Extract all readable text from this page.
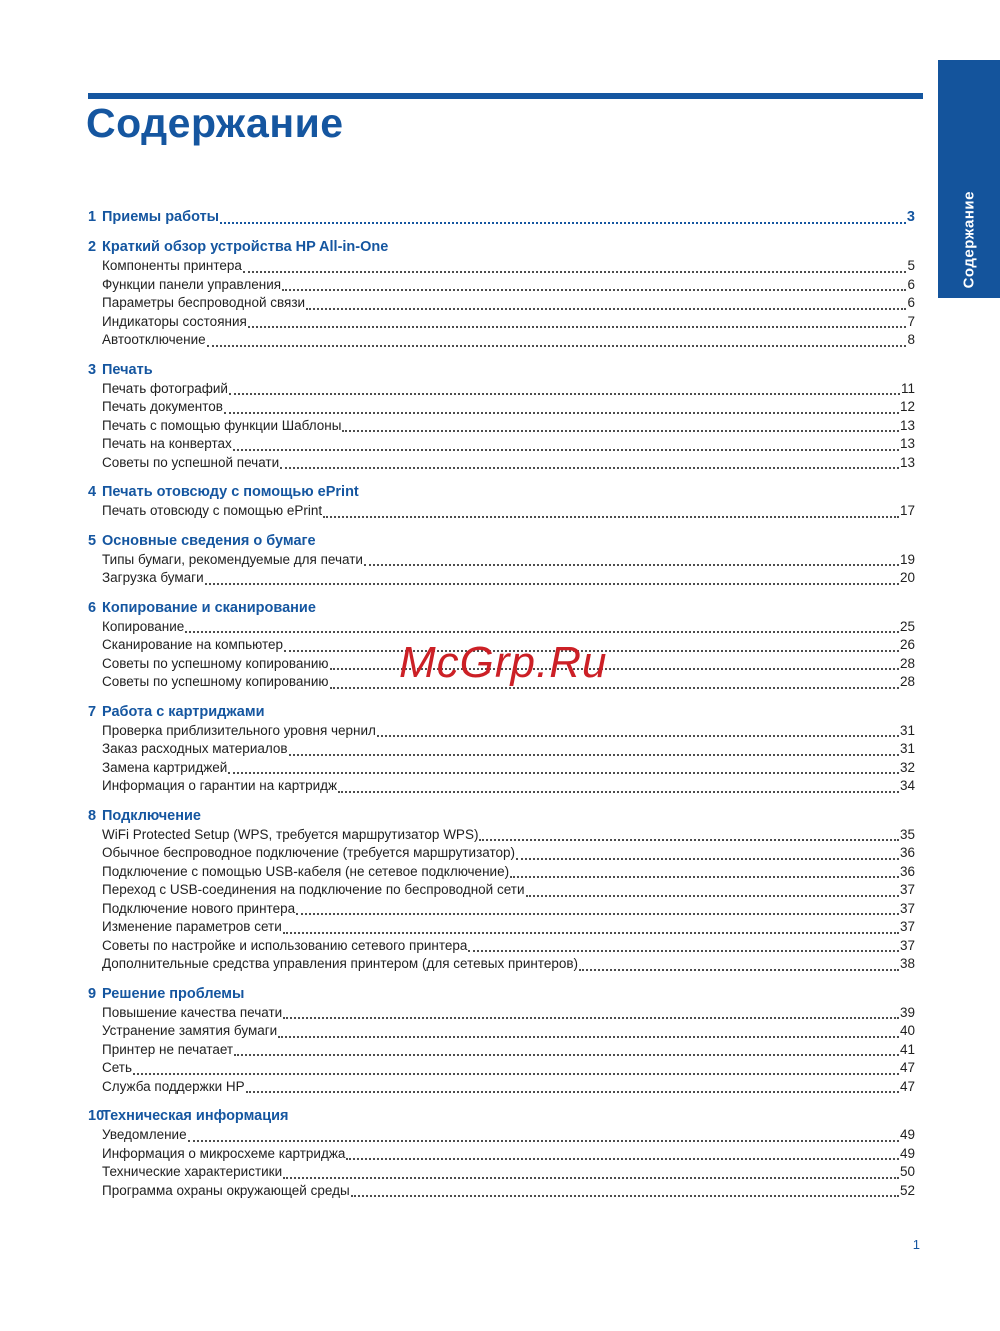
Содержание
Содержание
1 Приемы работы	3
2 Краткий обзор устройства HP All-in-One
Компоненты принтера	5
Функции панели управления	6
Параметры беспроводной связи	6
Индикаторы состояния	7
Автоотключение	8
3 Печать
Печать фотографий	11
Печать документов	12
Печать с помощью функции Шаблоны	13
Печать на конвертах	13
Советы по успешной печати	13
4 Печать отовсюду с помощью ePrint
Печать отовсюду с помощью ePrint	17
5 Основные сведения о бумаге
Типы бумаги, рекомендуемые для печати	19
Загрузка бумаги	20
6 Копирование и сканирование
Копирование	25
Сканирование на компьютер	26
Советы по успешному копированию	28
Советы по успешному копированию	28
7 Работа с картриджами
Проверка приблизительного уровня чернил	31
Заказ расходных материалов	31
Замена картриджей	32
Информация о гарантии на картридж	34
8 Подключение
WiFi Protected Setup (WPS, требуется маршрутизатор WPS)	35
Обычное беспроводное подключение (требуется маршрутизатор)	36
Подключение с помощью USB-кабеля (не сетевое подключение)	36
Переход с USB-соединения на подключение по беспроводной сети	37
Подключение нового принтера	37
Изменение параметров сети	37
Советы по настройке и использованию сетевого принтера	37
Дополнительные средства управления принтером (для сетевых принтеров)	38
9 Решение проблемы
Повышение качества печати	39
Устранение замятия бумаги	40
Принтер не печатает	41
Сеть	47
Служба поддержки HP	47
10
Техническая информация
Уведомление	49
Информация о микросхеме картриджа	49
Технические характеристики	50
Программа охраны окружающей среды	52
McGrp.Ru
1
